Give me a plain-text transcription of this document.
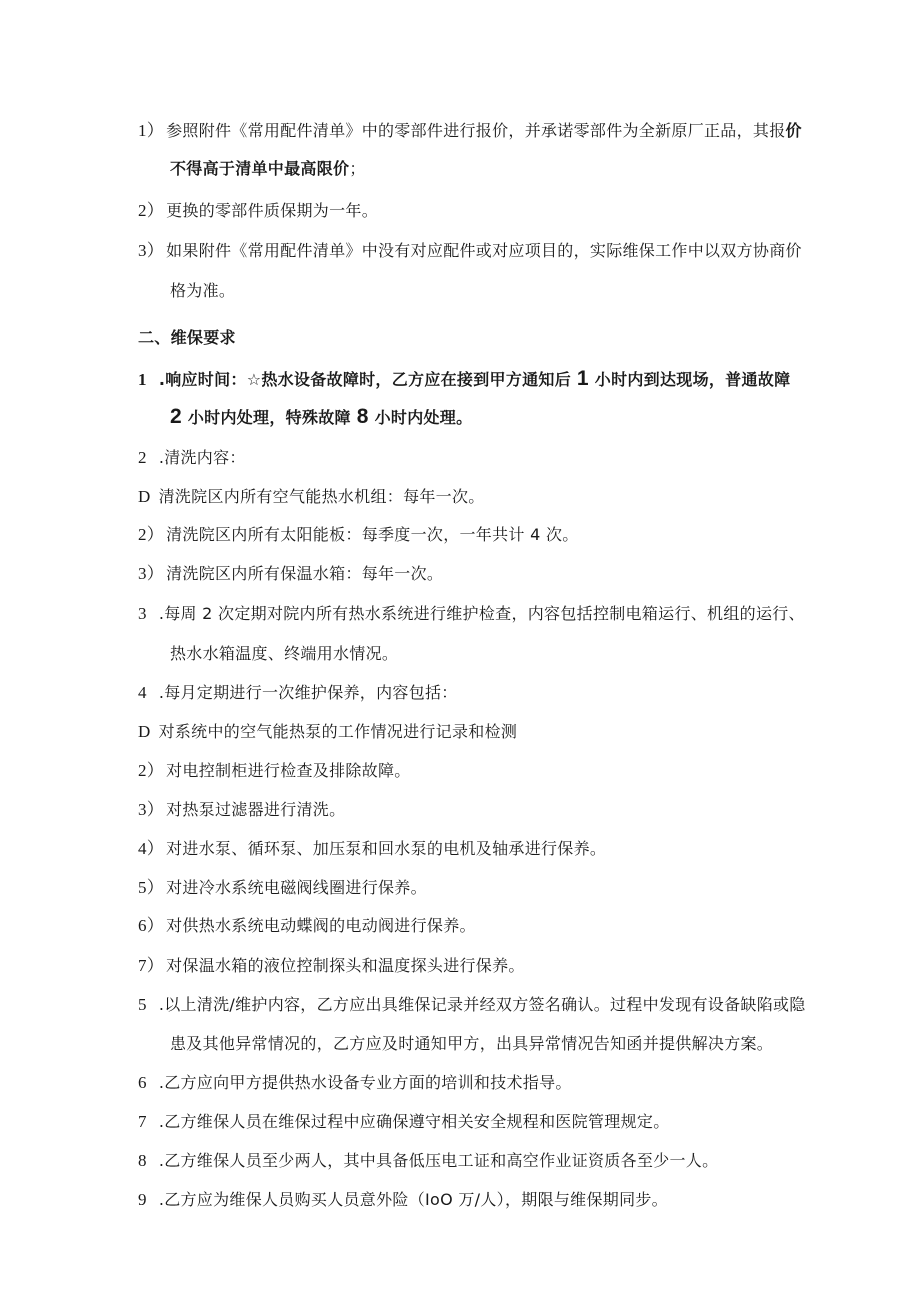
1） 参照附件《常用配件清单》中的零部件进行报价，并承诺零部件为全新原厂正品，其报价
不得高于清单中最高限价；
2） 更换的零部件质保期为一年。
3） 如果附件《常用配件清单》中没有对应配件或对应项目的，实际维保工作中以双方协商价
格为准。
二、维保要求
1 .响应时间：☆热水设备故障时，乙方应在接到甲方通知后 1 小时内到达现场，普通故障
2 小时内处理，特殊故障 8 小时内处理。
2 .清洗内容：
D 清洗院区内所有空气能热水机组：每年一次。
2） 清洗院区内所有太阳能板：每季度一次，一年共计 4 次。
3） 清洗院区内所有保温水箱：每年一次。
3 .每周 2 次定期对院内所有热水系统进行维护检查，内容包括控制电箱运行、机组的运行、
热水水箱温度、终端用水情况。
4 .每月定期进行一次维护保养，内容包括：
D 对系统中的空气能热泵的工作情况进行记录和检测
2） 对电控制柜进行检查及排除故障。
3） 对热泵过滤器进行清洗。
4） 对进水泵、循环泵、加压泵和回水泵的电机及轴承进行保养。
5） 对进冷水系统电磁阀线圈进行保养。
6） 对供热水系统电动蝶阀的电动阀进行保养。
7） 对保温水箱的液位控制探头和温度探头进行保养。
5 .以上清洗/维护内容，乙方应出具维保记录并经双方签名确认。过程中发现有设备缺陷或隐
患及其他异常情况的，乙方应及时通知甲方，出具异常情况告知函并提供解决方案。
6 .乙方应向甲方提供热水设备专业方面的培训和技术指导。
7 .乙方维保人员在维保过程中应确保遵守相关安全规程和医院管理规定。
8 .乙方维保人员至少两人，其中具备低压电工证和高空作业证资质各至少一人。
9 .乙方应为维保人员购买人员意外险（IoO 万/人），期限与维保期同步。
